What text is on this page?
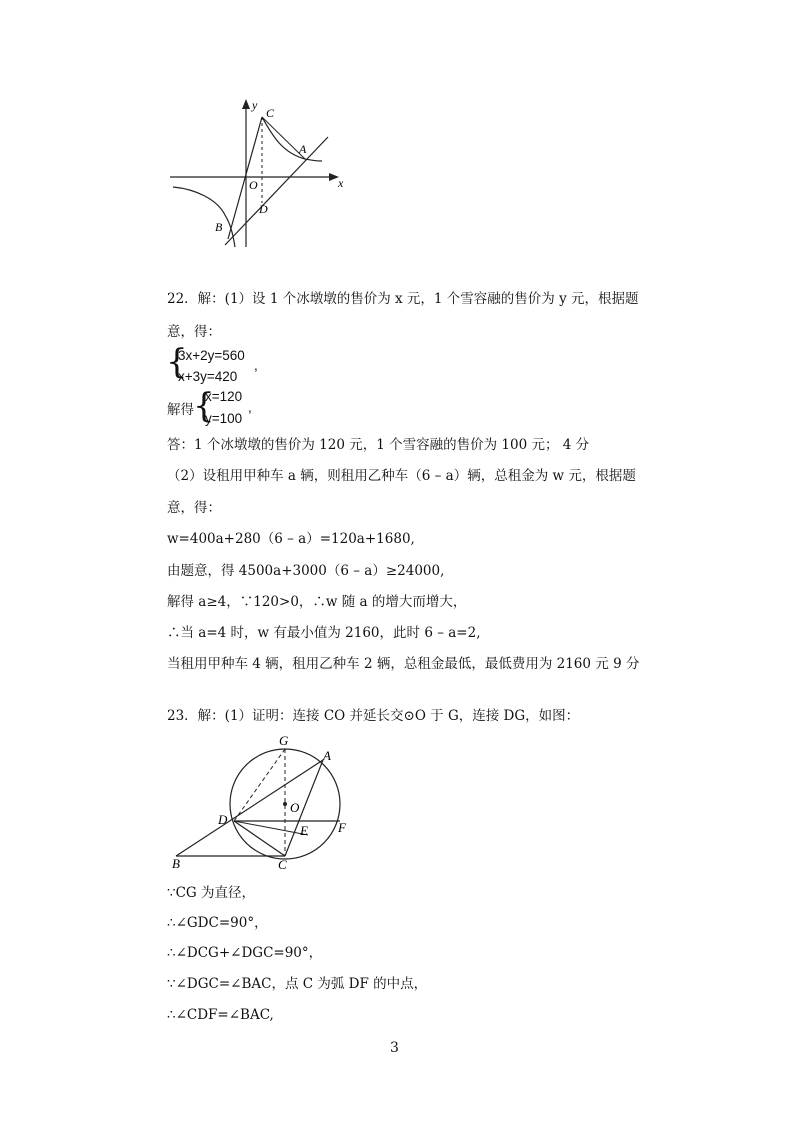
y
x
C
A
O
D
B
22．解：(1）设 1 个冰墩墩的售价为 x 元，1 个雪容融的售价为 y 元，根据题
意，得：
{
3x+2y=560
x+3y=420
,
解得 {
x=120
y=100
,
答：1 个冰墩墩的售价为 120 元，1 个雪容融的售价为 100 元； 4 分
（2）设租用甲种车 a 辆，则租用乙种车（6 – a）辆，总租金为 w 元，根据题
意，得：
w=400a+280（6 – a）=120a+1680,
由题意，得 4500a+3000（6 – a）≥24000,
解得 a≥4，∵120>0，∴w 随 a 的增大而增大，
∴当 a=4 时，w 有最小值为 2160，此时 6 – a=2,
当租用甲种车 4 辆，租用乙种车 2 辆，总租金最低，最低费用为 2160 元 9 分
23．解：(1）证明：连接 CO 并延长交⊙O 于 G，连接 DG，如图：
G
A
O
D
E F
B	C
∵CG 为直径，
∴∠GDC=90°，
∴∠DCG+∠DGC=90°，
∵∠DGC=∠BAC，点 C 为弧 DF 的中点，
∴∠CDF=∠BAC,
3
